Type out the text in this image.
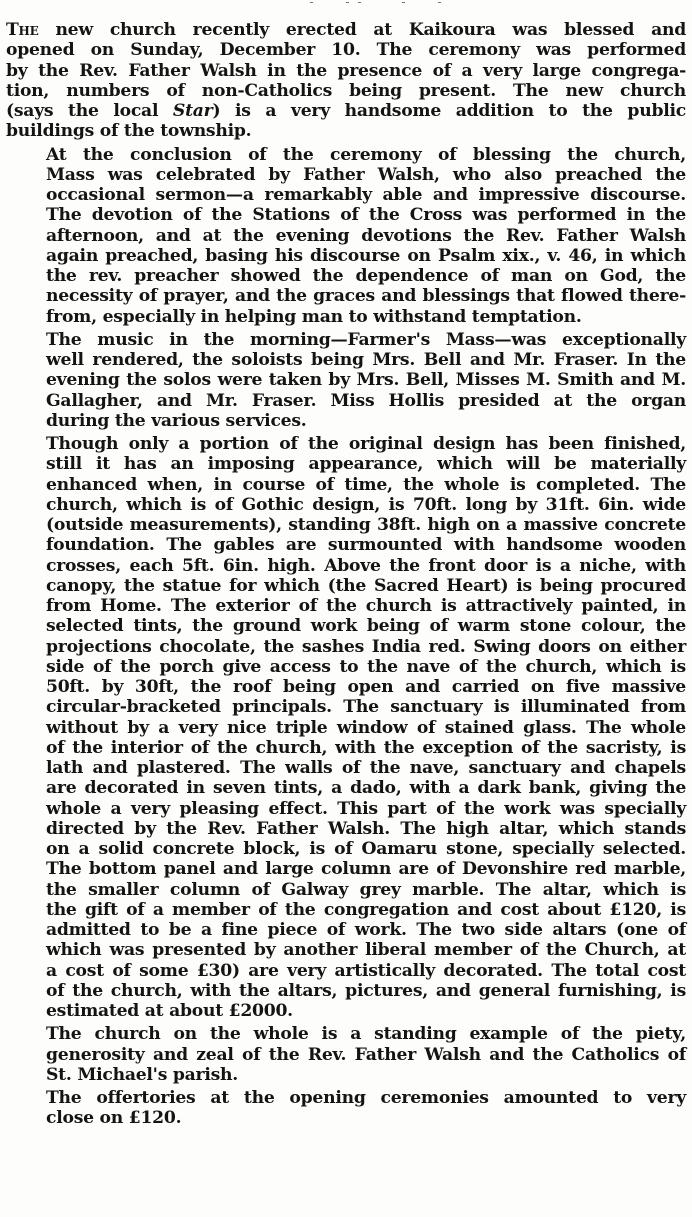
The new church recently erected at Kaikoura was blessed and
opened on Sunday, December 10. The ceremony was performed
by the Rev. Father Walsh in the presence of a very large congrega-
tion, numbers of non-Catholics being present. The new church
(says the local Star) is a very handsome addition to the public
buildings of the township.

At the conclusion of the ceremony of blessing the church,
Mass was celebrated by Father Walsh, who also preached the
occasional sermon—a remarkably able and impressive discourse.
The devotion of the Stations of the Cross was performed in the
afternoon, and at the evening devotions the Rev. Father Walsh
again preached, basing his discourse on Psalm xix., v. 46, in which
the rev. preacher showed the dependence of man on God, the
necessity of prayer, and the graces and blessings that flowed there-
from, especially in helping man to withstand temptation.

The music in the morning—Farmer's Mass—was exceptionally
well rendered, the soloists being Mrs. Bell and Mr. Fraser. In the
evening the solos were taken by Mrs. Bell, Misses M. Smith and M.
Gallagher, and Mr. Fraser. Miss Hollis presided at the organ
during the various services.

Though only a portion of the original design has been finished,
still it has an imposing appearance, which will be materially
enhanced when, in course of time, the whole is completed. The
church, which is of Gothic design, is 70ft. long by 31ft. 6in. wide
(outside measurements), standing 38ft. high on a massive concrete
foundation. The gables are surmounted with handsome wooden
crosses, each 5ft. 6in. high. Above the front door is a niche, with
canopy, the statue for which (the Sacred Heart) is being procured
from Home. The exterior of the church is attractively painted, in
selected tints, the ground work being of warm stone colour, the
projections chocolate, the sashes India red. Swing doors on either
side of the porch give access to the nave of the church, which is
50ft. by 30ft, the roof being open and carried on five massive
circular-bracketed principals. The sanctuary is illuminated from
without by a very nice triple window of stained glass. The whole
of the interior of the church, with the exception of the sacristy, is
lath and plastered. The walls of the nave, sanctuary and chapels
are decorated in seven tints, a dado, with a dark bank, giving the
whole a very pleasing effect. This part of the work was specially
directed by the Rev. Father Walsh. The high altar, which stands
on a solid concrete block, is of Oamaru stone, specially selected.
The bottom panel and large column are of Devonshire red marble,
the smaller column of Galway grey marble. The altar, which is
the gift of a member of the congregation and cost about £120, is
admitted to be a fine piece of work. The two side altars (one of
which was presented by another liberal member of the Church, at
a cost of some £30) are very artistically decorated. The total cost
of the church, with the altars, pictures, and general furnishing, is
estimated at about £2000.

The church on the whole is a standing example of the piety,
generosity and zeal of the Rev. Father Walsh and the Catholics of
St. Michael's parish.

The offertories at the opening ceremonies amounted to very
close on £120.
